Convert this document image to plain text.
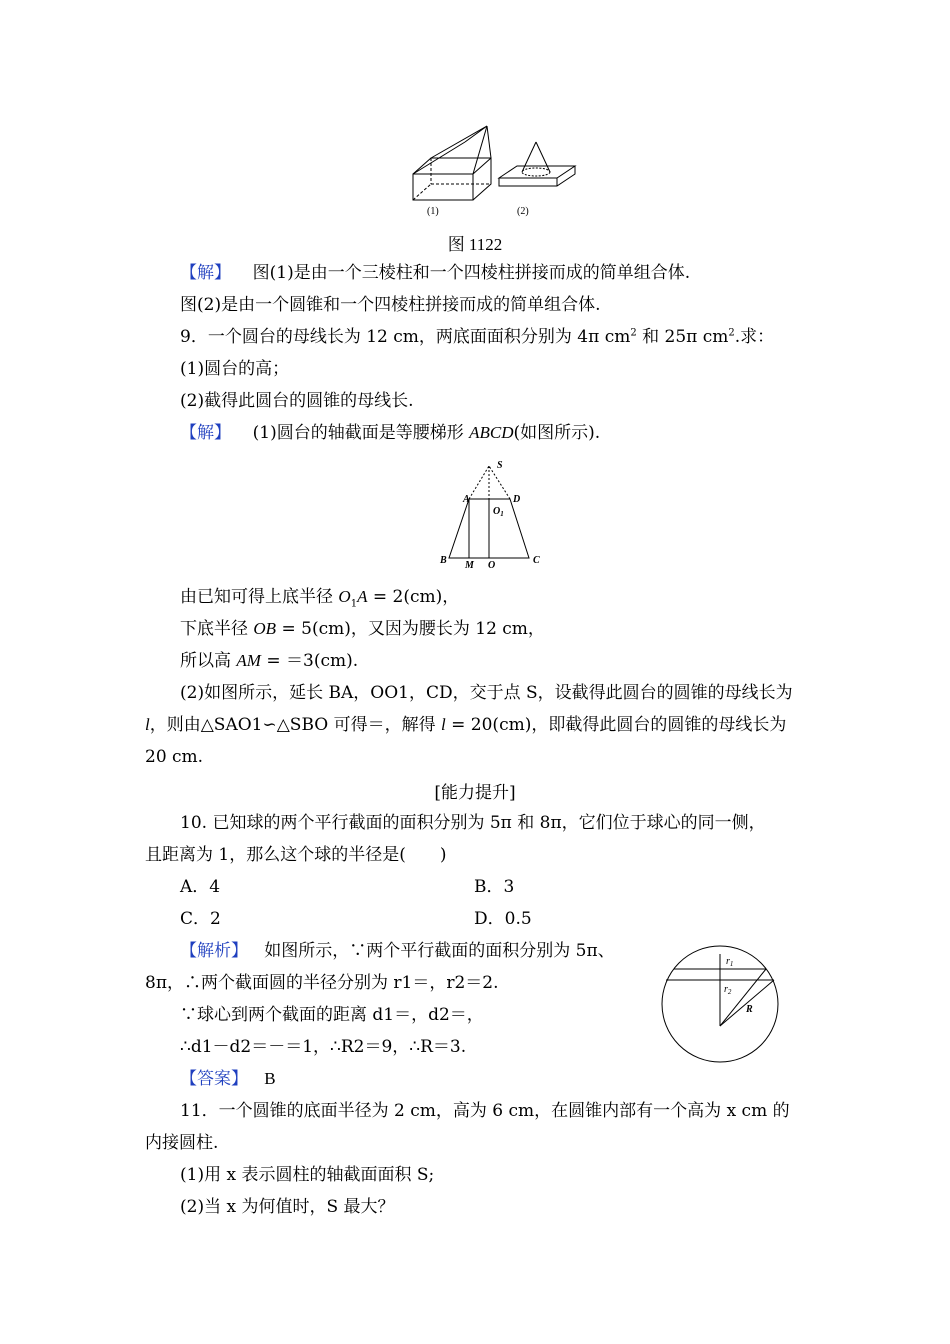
(1)	(2)
图 1122
【解】 图(1)是由一个三棱柱和一个四棱柱拼接而成的简单组合体.
图(2)是由一个圆锥和一个四棱柱拼接而成的简单组合体.
9．一个圆台的母线长为 12 cm，两底面面积分别为 4π $cm^2$ 和 25π $cm^2$.求：
(1)圆台的高；
(2)截得此圆台的圆锥的母线长.
【解】 (1)圆台的轴截面是等腰梯形 ABCD(如图所示).
S
A	D
$O_1$
B M O	C
由已知可得上底半径 $O_1A = 2(cm)$，
下底半径 OB = 5(cm)，又因为腰长为 12 cm，
所以高 AM = ＝3(cm).
(2)如图所示，延长 BA，OO1，CD，交于点 S，设截得此圆台的圆锥的母线长为
l，则由△SAO1∽△SBO 可得＝，解得 l = 20(cm)，即截得此圆台的圆锥的母线长为
20 cm.
[能力提升]
10. 已知球的两个平行截面的面积分别为 5π 和 8π，它们位于球心的同一侧，
且距离为 1，那么这个球的半径是(　　)
A．4	B．3
C．2	D．0.5
【解析】 如图所示，∵两个平行截面的面积分别为 5π、
8π，∴两个截面圆的半径分别为 r1＝，r2＝2.
∵球心到两个截面的距离 d1＝，d2＝，
∴d1－d2＝－＝1，∴R2＝9，∴R＝3.
【答案】 B
$r_1$
$r_2$
R
11．一个圆锥的底面半径为 2 cm，高为 6 cm，在圆锥内部有一个高为 x cm 的
内接圆柱.
(1)用 x 表示圆柱的轴截面面积 S;
(2)当 x 为何值时，S 最大？
